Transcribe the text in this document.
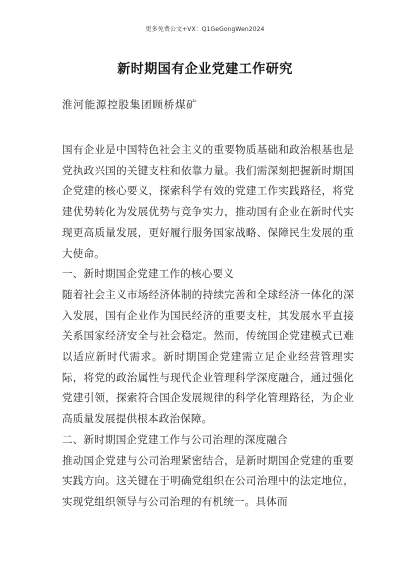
更多免费公文+VX：Q1GeGongWen2024
新时期国有企业党建工作研究
淮河能源控股集团顾桥煤矿

国有企业是中国特色社会主义的重要物质基础和政治根基也是党执政兴国的关键支柱和依靠力量。我们需深刻把握新时期国企党建的核心要义，探索科学有效的党建工作实践路径，将党建优势转化为发展优势与竞争实力，推动国有企业在新时代实现更高质量发展，更好履行服务国家战略、保障民生发展的重大使命。

一、新时期国企党建工作的核心要义

随着社会主义市场经济体制的持续完善和全球经济一体化的深入发展，国有企业作为国民经济的重要支柱，其发展水平直接关系国家经济安全与社会稳定。然而，传统国企党建模式已难以适应新时代需求。新时期国企党建需立足企业经营管理实际，将党的政治属性与现代企业管理科学深度融合，通过强化党建引领，探索符合国企发展规律的科学化管理路径，为企业高质量发展提供根本政治保障。

二、新时期国企党建工作与公司治理的深度融合

推动国企党建与公司治理紧密结合，是新时期国企党建的重要实践方向。这关键在于明确党组织在公司治理中的法定地位，实现党组织领导与公司治理的有机统一。具体而
